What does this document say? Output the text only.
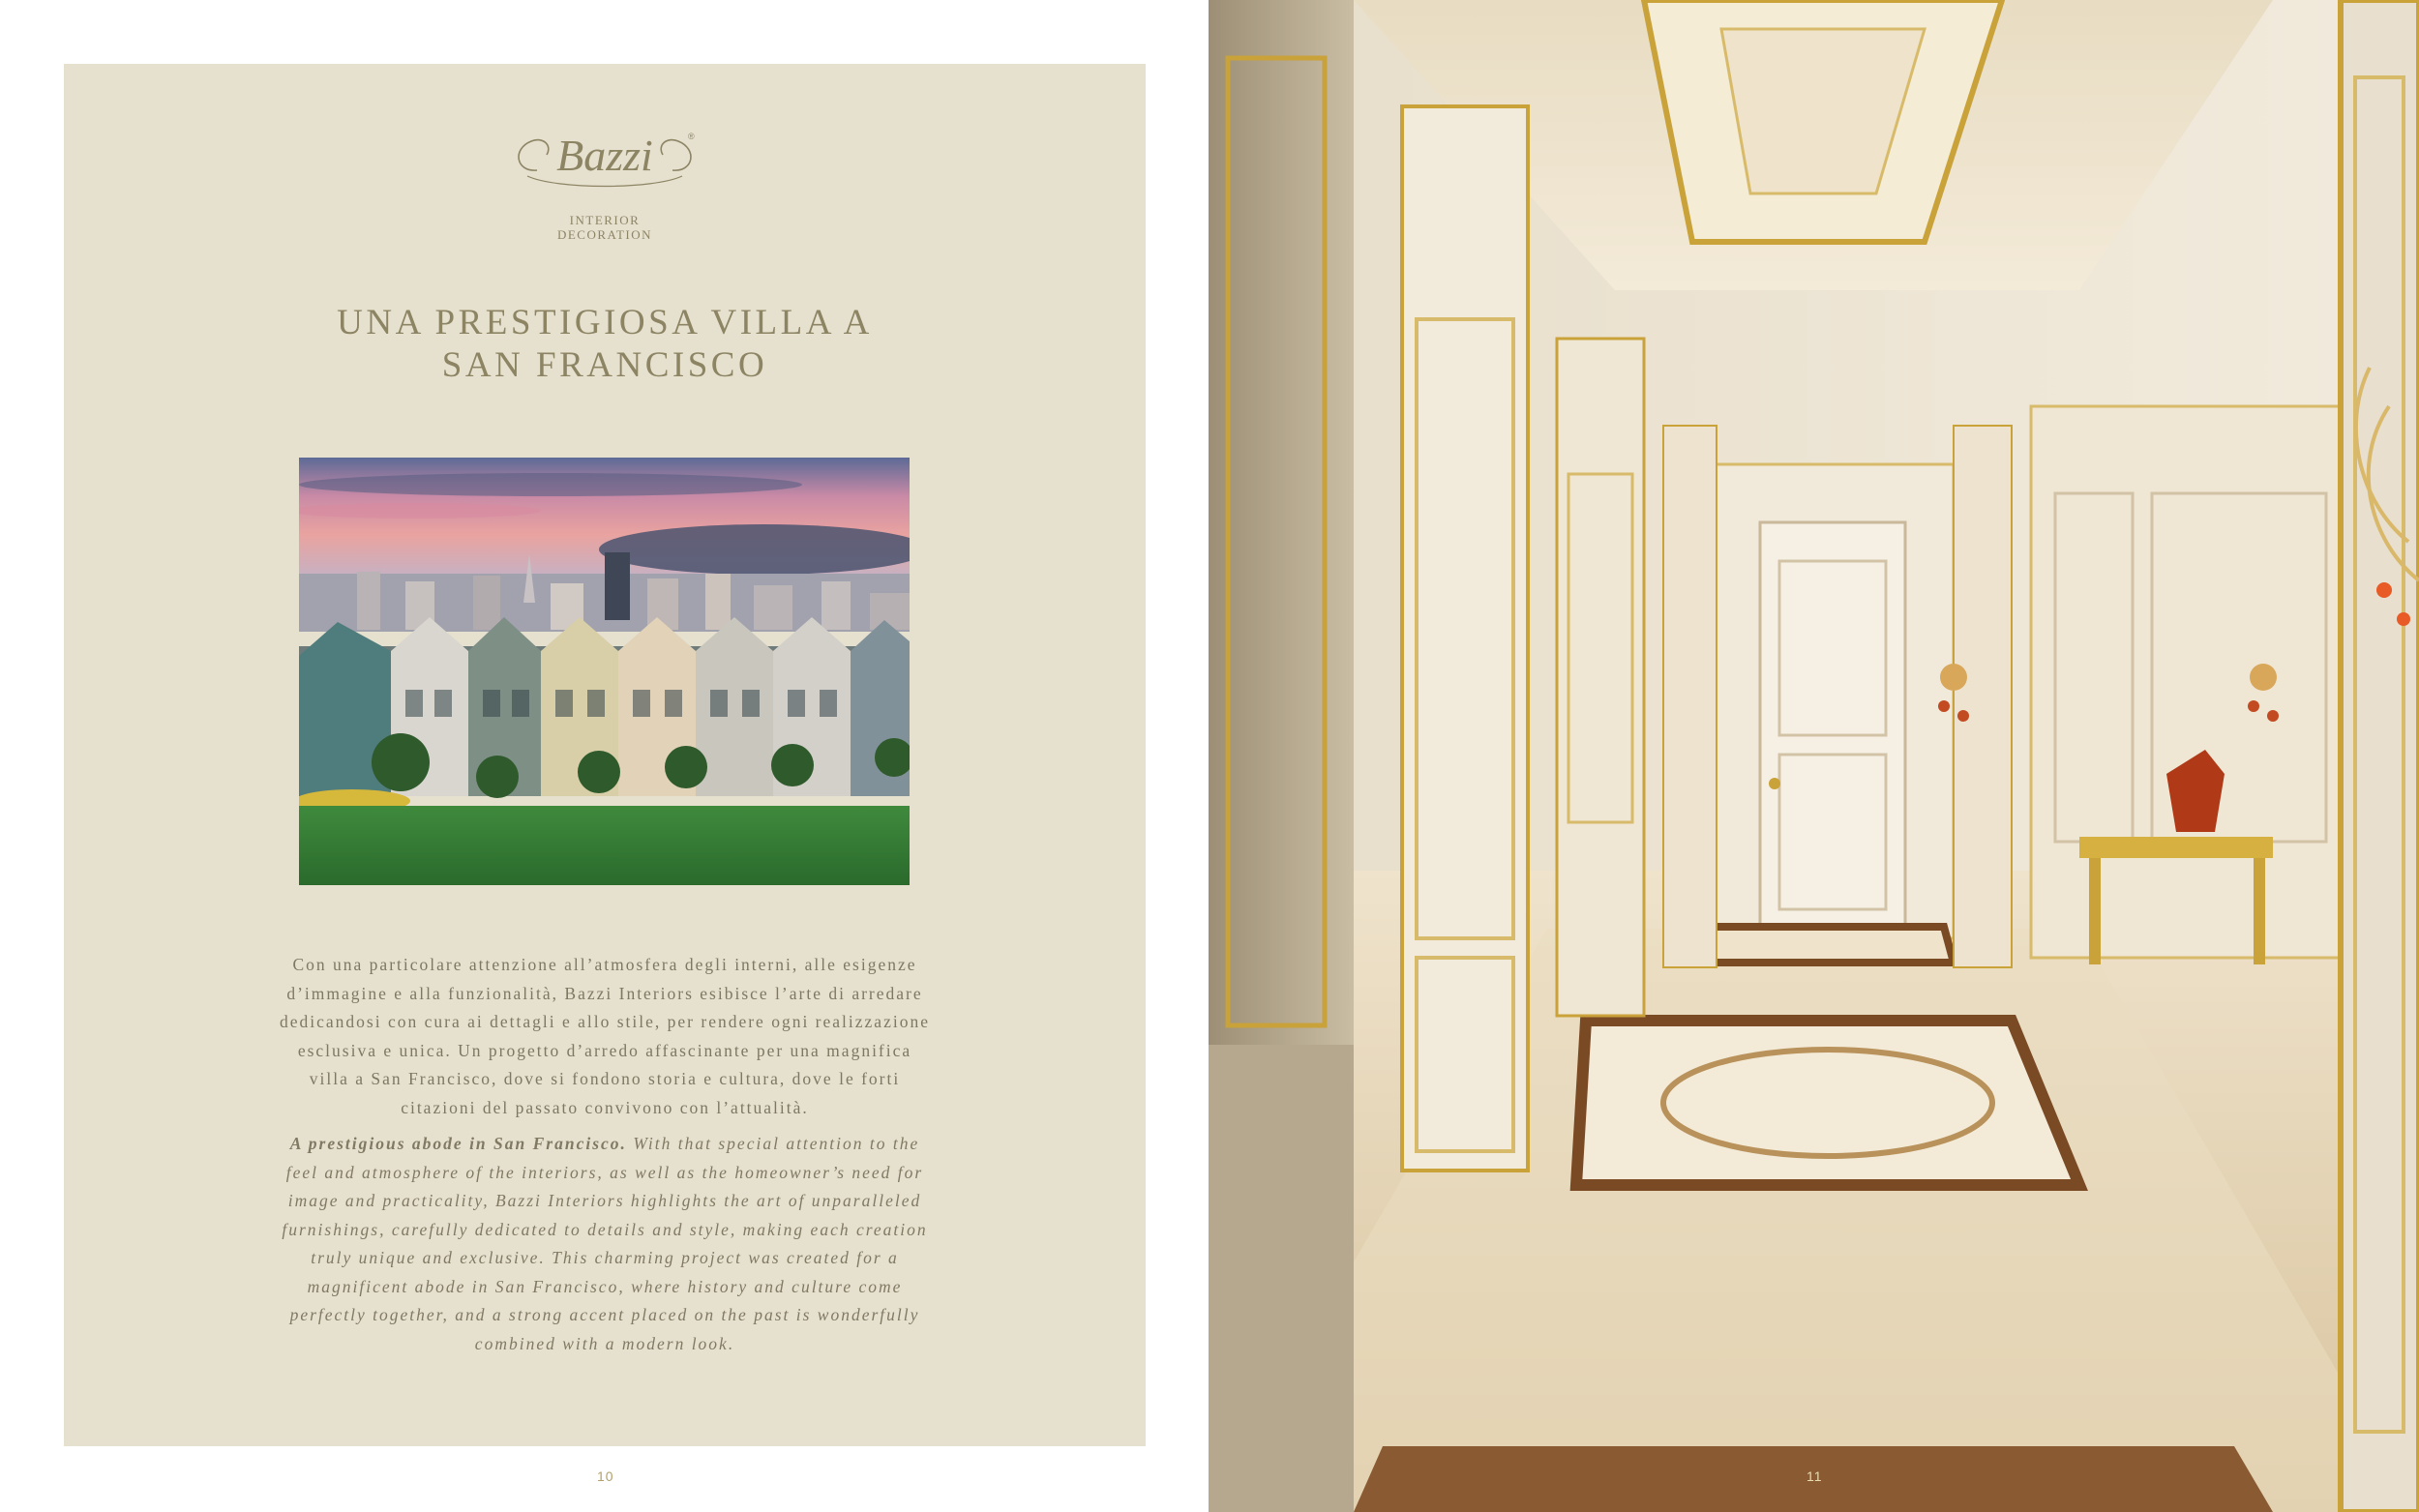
Bazzi	®
INTERIOR
DECORATION
UNA PRESTIGIOSA VILLA A
SAN FRANCISCO
Con una particolare attenzione all’atmosfera degli interni, alle esigenze
d’immagine e alla funzionalità, Bazzi Interiors esibisce l’arte di arredare
dedicandosi con cura ai dettagli e allo stile, per rendere ogni realizzazione
esclusiva e unica. Un progetto d’arredo affascinante per una magnifica
villa a San Francisco, dove si fondono storia e cultura, dove le forti
citazioni del passato convivono con l’attualità.
A prestigious abode in San Francisco. With that special attention to the
feel and atmosphere of the interiors, as well as the homeowner’s need for
image and practicality, Bazzi Interiors highlights the art of unparalleled
furnishings, carefully dedicated to details and style, making each creation
truly unique and exclusive. This charming project was created for a
magnificent abode in San Francisco, where history and culture come
perfectly together, and a strong accent placed on the past is wonderfully
combined with a modern look.
10	11
